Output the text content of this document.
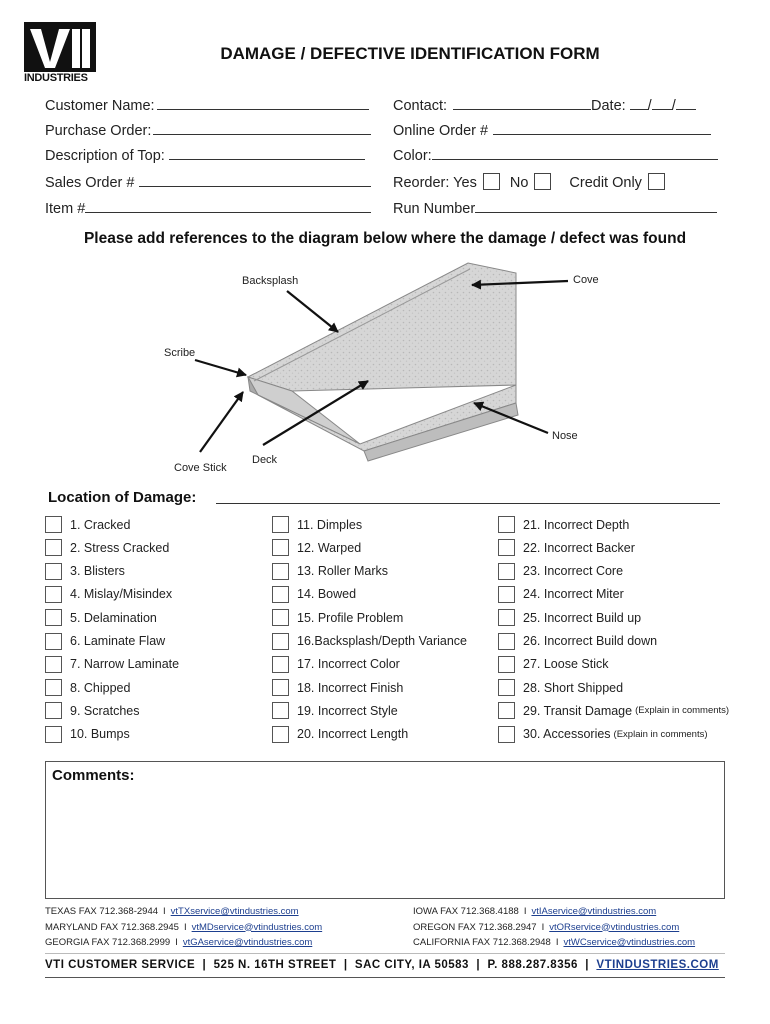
INDUSTRIES
DAMAGE / DEFECTIVE IDENTIFICATION FORM
Customer Name:
Purchase Order:
Description of Top:
Sales Order #
Item #
Contact:	Date: / /
Online Order #
Color:
Reorder: Yes No	Credit Only
Run Number
Please add references to the diagram below where the damage / defect was found
Backsplash	Cove
Scribe
Nose
Deck
Cove Stick
Location of Damage:
1. Cracked
2. Stress Cracked
3. Blisters
4. Mislay/Misindex
5. Delamination
6. Laminate Flaw
7. Narrow Laminate
8. Chipped
9. Scratches
10. Bumps
11. Dimples
12. Warped
13. Roller Marks
14. Bowed
15. Profile Problem
16.Backsplash/Depth Variance
17. Incorrect Color
18. Incorrect Finish
19. Incorrect Style
20. Incorrect Length
21. Incorrect Depth
22. Incorrect Backer
23. Incorrect Core
24. Incorrect Miter
25. Incorrect Build up
26. Incorrect Build down
27. Loose Stick
28. Short Shipped
29. Transit Damage (Explain in comments)
30. Accessories (Explain in comments)
Comments:
TEXAS FAX 712.368-2944 I vtTXservice@vtindustries.com
MARYLAND FAX 712.368.2945 I vtMDservice@vtindustries.com
GEORGIA FAX 712.368.2999 I vtGAservice@vtindustries.com
IOWA FAX 712.368.4188 I vtIAservice@vtindustries.com
OREGON FAX 712.368.2947 I vtORservice@vtindustries.com
CALIFORNIA FAX 712.368.2948 I vtWCservice@vtindustries.com
VTI CUSTOMER SERVICE | 525 N. 16TH STREET | SAC CITY, IA 50583 | P. 888.287.8356 | VTINDUSTRIES.COM
